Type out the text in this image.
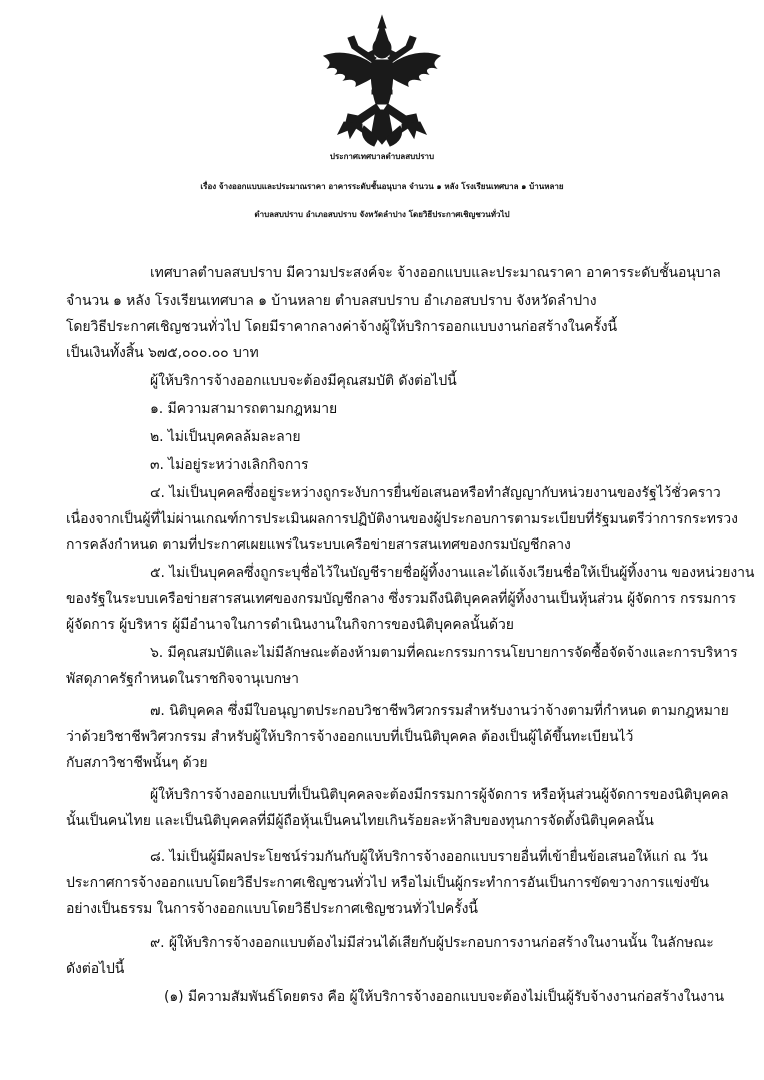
ประกาศเทศบาลตำบลสบปราบ
เรื่อง จ้างออกแบบและประมาณราคา อาคารระดับชั้นอนุบาล จำนวน ๑ หลัง โรงเรียนเทศบาล ๑ บ้านหลาย
ตำบลสบปราบ อำเภอสบปราบ จังหวัดลำปาง โดยวิธีประกาศเชิญชวนทั่วไป
เทศบาลตำบลสบปราบ มีความประสงค์จะ จ้างออกแบบและประมาณราคา อาคารระดับชั้นอนุบาล
จำนวน ๑ หลัง โรงเรียนเทศบาล ๑ บ้านหลาย ตำบลสบปราบ อำเภอสบปราบ จังหวัดลำปาง
โดยวิธีประกาศเชิญชวนทั่วไป โดยมีราคากลางค่าจ้างผู้ให้บริการออกแบบงานก่อสร้างในครั้งนี้
เป็นเงินทั้งสิ้น ๖๗๕,๐๐๐.๐๐ บาท
ผู้ให้บริการจ้างออกแบบจะต้องมีคุณสมบัติ ดังต่อไปนี้
๑. มีความสามารถตามกฎหมาย
๒. ไม่เป็นบุคคลล้มละลาย
๓. ไม่อยู่ระหว่างเลิกกิจการ
๔. ไม่เป็นบุคคลซึ่งอยู่ระหว่างถูกระงับการยื่นข้อเสนอหรือทำสัญญากับหน่วยงานของรัฐไว้ชั่วคราว
เนื่องจากเป็นผู้ที่ไม่ผ่านเกณฑ์การประเมินผลการปฏิบัติงานของผู้ประกอบการตามระเบียบที่รัฐมนตรีว่าการกระทรวง
การคลังกำหนด ตามที่ประกาศเผยแพร่ในระบบเครือข่ายสารสนเทศของกรมบัญชีกลาง
๕. ไม่เป็นบุคคลซึ่งถูกระบุชื่อไว้ในบัญชีรายชื่อผู้ทิ้งงานและได้แจ้งเวียนชื่อให้เป็นผู้ทิ้งงาน ของหน่วยงาน
ของรัฐในระบบเครือข่ายสารสนเทศของกรมบัญชีกลาง ซึ่งรวมถึงนิติบุคคลที่ผู้ทิ้งงานเป็นหุ้นส่วน ผู้จัดการ กรรมการ
ผู้จัดการ ผู้บริหาร ผู้มีอำนาจในการดำเนินงานในกิจการของนิติบุคคลนั้นด้วย
๖. มีคุณสมบัติและไม่มีลักษณะต้องห้ามตามที่คณะกรรมการนโยบายการจัดซื้อจัดจ้างและการบริหาร
พัสดุภาครัฐกำหนดในราชกิจจานุเบกษา
๗. นิติบุคคล ซึ่งมีใบอนุญาตประกอบวิชาชีพวิศวกรรมสำหรับงานว่าจ้างตามที่กำหนด ตามกฎหมาย
ว่าด้วยวิชาชีพวิศวกรรม สำหรับผู้ให้บริการจ้างออกแบบที่เป็นนิติบุคคล ต้องเป็นผู้ได้ขึ้นทะเบียนไว้
กับสภาวิชาชีพนั้นๆ ด้วย
ผู้ให้บริการจ้างออกแบบที่เป็นนิติบุคคลจะต้องมีกรรมการผู้จัดการ หรือหุ้นส่วนผู้จัดการของนิติบุคคล
นั้นเป็นคนไทย และเป็นนิติบุคคลที่มีผู้ถือหุ้นเป็นคนไทยเกินร้อยละห้าสิบของทุนการจัดตั้งนิติบุคคลนั้น
๘. ไม่เป็นผู้มีผลประโยชน์ร่วมกันกับผู้ให้บริการจ้างออกแบบรายอื่นที่เข้ายื่นข้อเสนอให้แก่ ณ วัน
ประกาศการจ้างออกแบบโดยวิธีประกาศเชิญชวนทั่วไป หรือไม่เป็นผู้กระทำการอันเป็นการขัดขวางการแข่งขัน
อย่างเป็นธรรม ในการจ้างออกแบบโดยวิธีประกาศเชิญชวนทั่วไปครั้งนี้
๙. ผู้ให้บริการจ้างออกแบบต้องไม่มีส่วนได้เสียกับผู้ประกอบการงานก่อสร้างในงานนั้น ในลักษณะ
ดังต่อไปนี้
(๑) มีความสัมพันธ์โดยตรง คือ ผู้ให้บริการจ้างออกแบบจะต้องไม่เป็นผู้รับจ้างงานก่อสร้างในงาน
